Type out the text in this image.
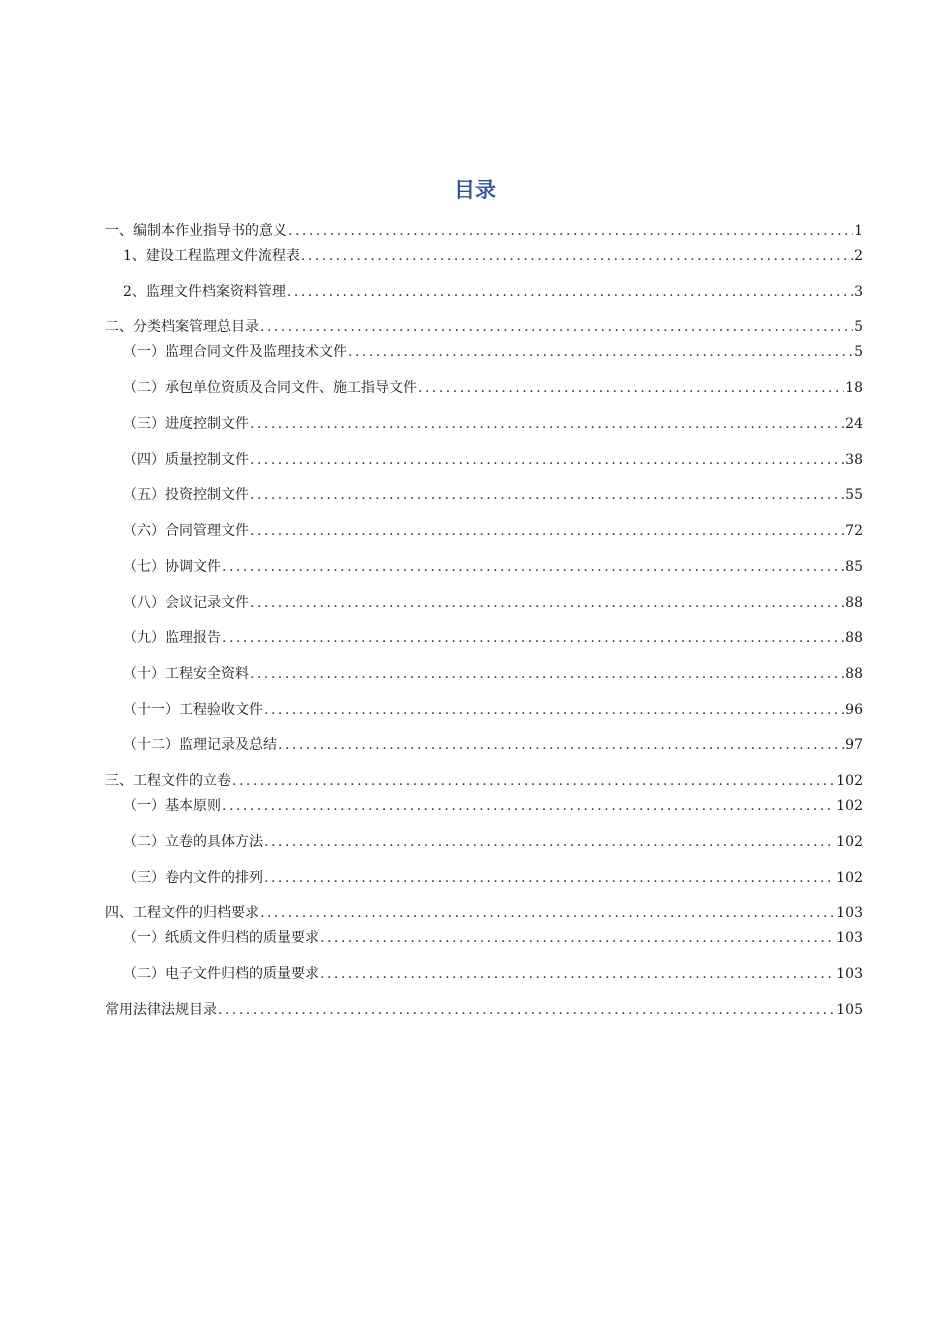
目录
一、编制本作业指导书的意义 .....	1
1、建设工程监理文件流程表 .....	2
2、监理文件档案资料管理 .....	3
二、分类档案管理总目录 .....	5
（一）监理合同文件及监理技术文件 .....	5
（二）承包单位资质及合同文件、施工指导文件 .....	18
（三）进度控制文件 .....	24
（四）质量控制文件 .....	38
（五）投资控制文件 .....	55
（六）合同管理文件 .....	72
（七）协调文件 .....	85
（八）会议记录文件 .....	88
（九）监理报告 .....	88
（十）工程安全资料 .....	88
（十一）工程验收文件 .....	96
（十二）监理记录及总结 .....	97
三、工程文件的立卷 .....	102
（一）基本原则 .....	102
（二）立卷的具体方法 .....	102
（三）卷内文件的排列 .....	102
四、工程文件的归档要求 .....	103
（一）纸质文件归档的质量要求 .....	103
（二）电子文件归档的质量要求 .....	103
常用法律法规目录 .....	105
